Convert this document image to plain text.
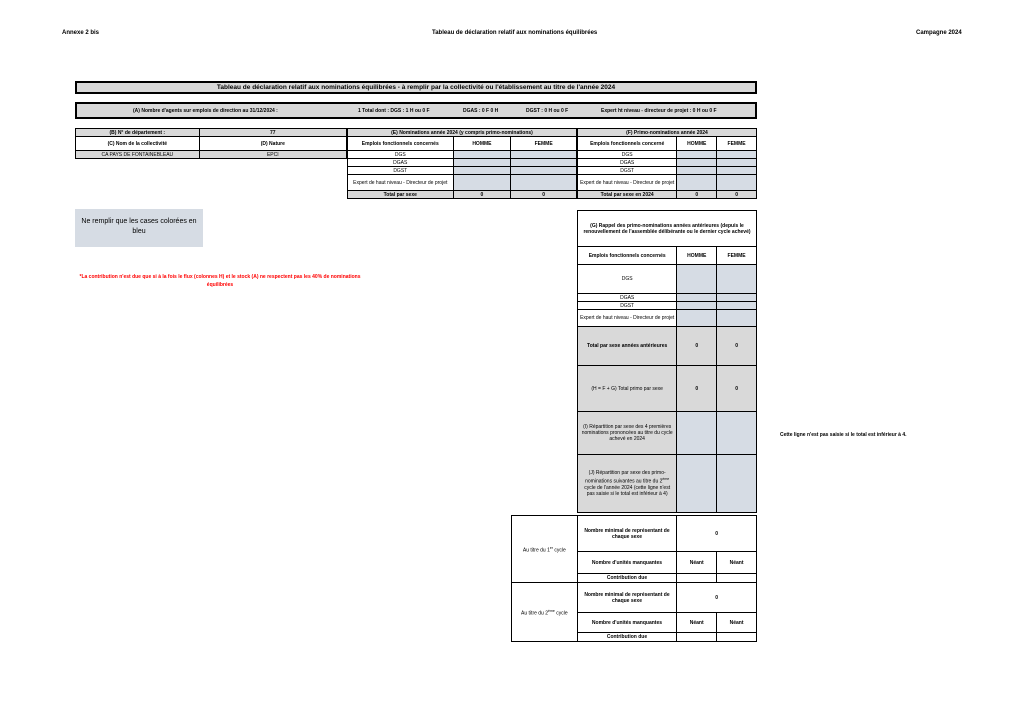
Annexe 2 bis	Tableau de déclaration relatif aux nominations équilibrées	Campagne 2024
Tableau de déclaration relatif aux nominations équilibrées - à remplir par la collectivité ou l'établissement au titre de l'année 2024
(A) Nombre d'agents sur emplois de direction au 31/12/2024 :	1 Total dont : DGS : 1 H ou 0 F	DGAS : 0 F 0 H	DGST : 0 H ou 0 F	Expert ht niveau - directeur de projet : 0 H ou 0 F
(B) N° de département :	77
(C) Nom de la collectivité	(D) Nature
CA PAYS DE FONTAINEBLEAU	EPCI
(E) Nominations année 2024 (y compris primo-nominations)		
Emplois fonctionnels concernés	HOMME	FEMME
DGS		
DGAS		
DGST		
Expert de haut niveau - Directeur de projet		
Total par sexe	0	0
(F) Primo-nominations année 2024		
Emplois fonctionnels concerné	HOMME	FEMME
DGS		
DGAS		
DGST		
Expert de haut niveau - Directeur de projet		
Total par sexe en 2024	0	0
(G) Rappel des primo-nominations années antérieures (depuis le renouvellement de l'assemblée délibérante ou le dernier cycle achevé)		
Emplois fonctionnels concernés	HOMME	FEMME
DGS		
DGAS		
DGST		
Expert de haut niveau - Directeur de projet		
Total par sexe années antérieures	0	0
(H = F + G) Total primo par sexe	0	0
(I) Répartition par sexe des 4 premières nominations prononcées au titre du cycle achevé en 2024		
(J) Répartition par sexe des primo-nominations suivantes au titre du 2ème cycle de l'année 2024 (cette ligne n'est pas saisie si le total est inférieur à 4)		
Au titre du 1er cycle	Nombre minimal de représentant de chaque sexe	0	
	Nombre d'unités manquantes	Néant	Néant
	Contribution due		
Au titre du 2ème cycle	Nombre minimal de représentant de chaque sexe	0	
	Nombre d'unités manquantes	Néant	Néant
	Contribution due		
Ne remplir que les cases colorées en bleu
*La contribution n'est due que si à la fois le flux (colonnes H) et le stock (A) ne respectent pas les 40% de nominations équilibrées
Cette ligne n'est pas saisie si le total est inférieur à 4.
